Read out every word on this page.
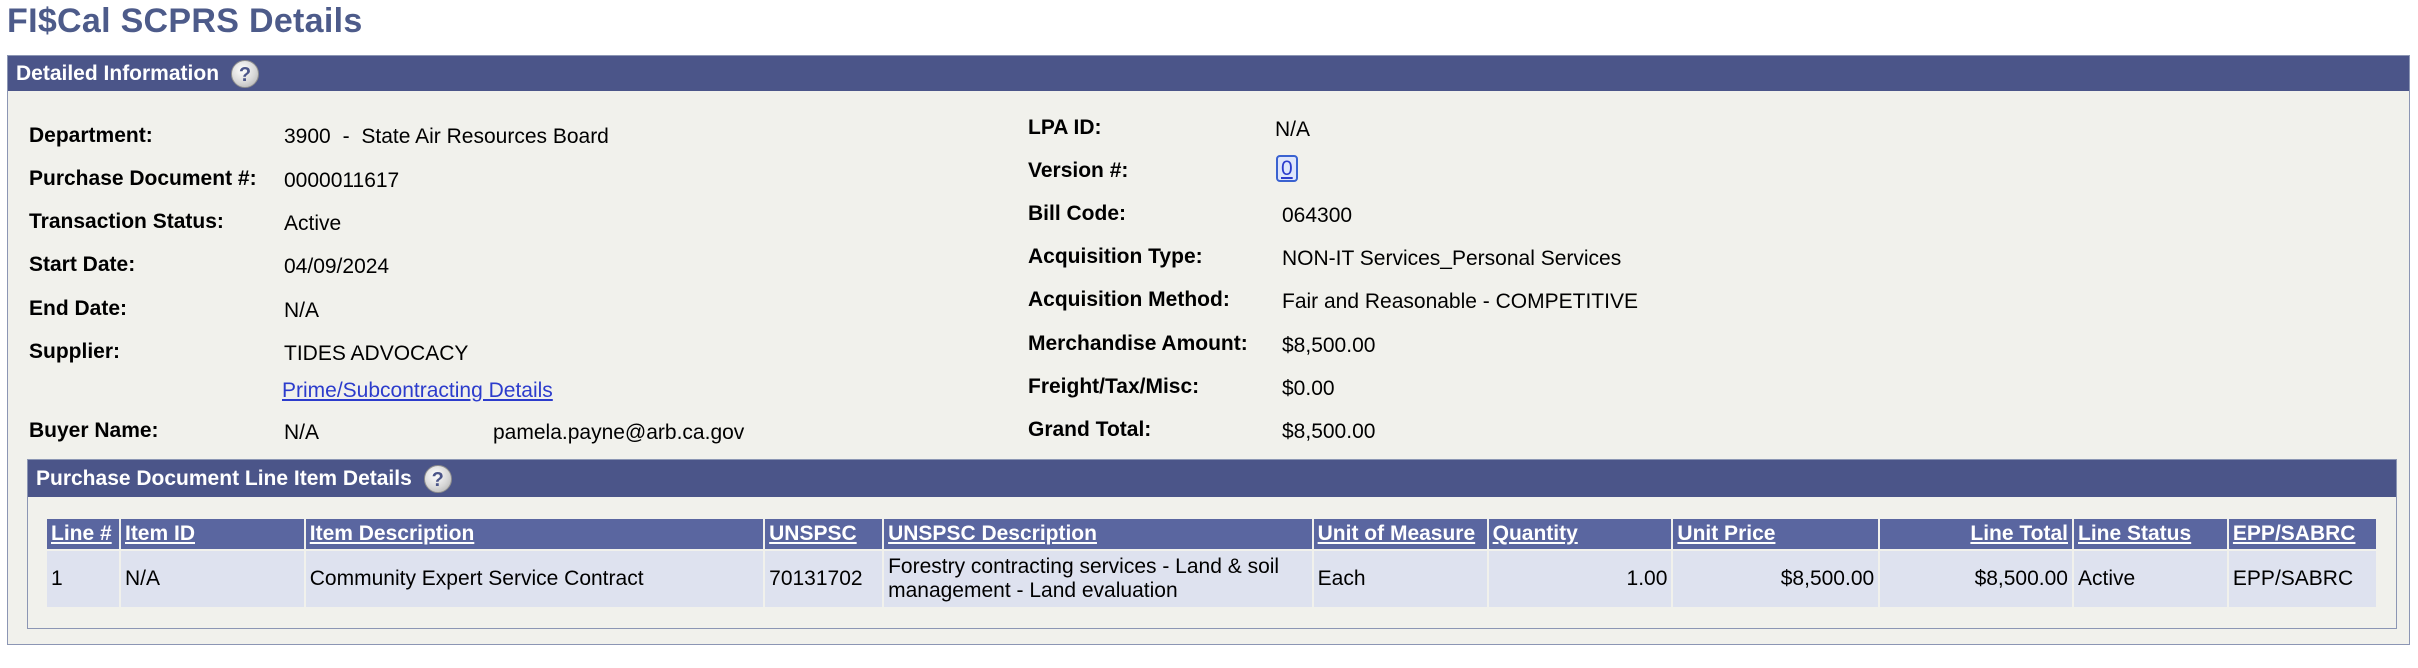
FI$Cal SCPRS Details
Detailed Information ?
Department:	3900 - State Air Resources Board
Purchase Document #: 0000011617
Transaction Status:	Active
Start Date:	04/09/2024
End Date:	N/A
Supplier:	TIDES ADVOCACY
Prime/Subcontracting Details
Buyer Name:	N/A	pamela.payne@arb.ca.gov
LPA ID:	N/A
Version #:	0
Bill Code:	064300
Acquisition Type:	NON-IT Services_Personal Services
Acquisition Method: Fair and Reasonable - COMPETITIVE
Merchandise Amount: $8,500.00
Freight/Tax/Misc:	$0.00
Grand Total:	$8,500.00
Purchase Document Line Item Details ?
Line #	Item ID	Item Description	UNSPSC	UNSPSC Description	Unit of Measure	Quantity	Unit Price	Line Total	Line Status	EPP/SABRC
1	N/A	Community Expert Service Contract	70131702	Forestry contracting services - Land & soil management - Land evaluation	Each	1.00	$8,500.00	$8,500.00	Active	EPP/SABRC
